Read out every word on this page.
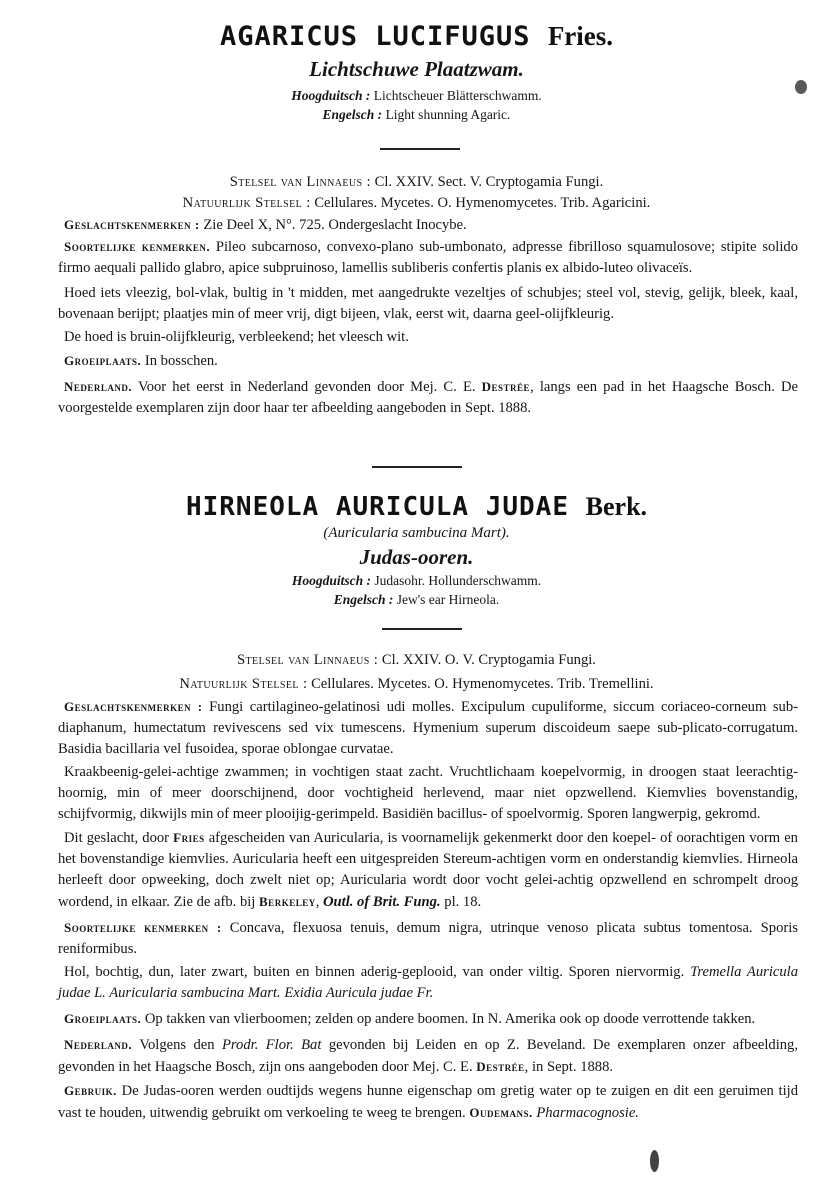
AGARICUS LUCIFUGUS Fries.
Lichtschuwe Plaatzwam.
Hoogduitsch : Lichtscheuer Blätterschwamm.
Engelsch : Light shunning Agaric.
Stelsel van Linnaeus : Cl. XXIV. Sect. V. Cryptogamia Fungi.
Natuurlijk Stelsel : Cellulares. Mycetes. O. Hymenomycetes. Trib. Agaricini.

Geslachtskenmerken : Zie Deel X, N°. 725. Ondergeslacht Inocybe.

Soortelijke kenmerken. Pileo subcarnoso, convexo-plano sub-umbonato, adpresse fibrilloso squamulosove; stipite solido firmo aequali pallido glabro, apice subpruinoso, lamellis subliberis confertis planis ex albido-luteo olivaceïs.

Hoed iets vleezig, bol-vlak, bultig in 't midden, met aangedrukte vezeltjes of schubjes; steel vol, stevig, gelijk, bleek, kaal, bovenaan berijpt; plaatjes min of meer vrij, digt bijeen, vlak, eerst wit, daarna geel-olijfkleurig.

De hoed is bruin-olijfkleurig, verbleekend; het vleesch wit.

Groeiplaats. In bosschen.

Nederland. Voor het eerst in Nederland gevonden door Mej. C. E. Destrée, langs een pad in het Haagsche Bosch. De voorgestelde exemplaren zijn door haar ter afbeelding aangeboden in Sept. 1888.

HIRNEOLA AURICULA JUDAE Berk.
(Auricularia sambucina Mart).
Judas-ooren.
Hoogduitsch : Judasohr. Hollunderschwamm.
Engelsch : Jew's ear Hirneola.
Stelsel van Linnaeus : Cl. XXIV. O. V. Cryptogamia Fungi.
Natuurlijk Stelsel : Cellulares. Mycetes. O. Hymenomycetes. Trib. Tremellini.

Geslachtskenmerken : Fungi cartilagineo-gelatinosi udi molles. Excipulum cupuliforme, siccum coriaceo-corneum sub-diaphanum, humectatum revivescens sed vix tumescens. Hymenium superum discoideum saepe sub-plicato-corrugatum. Basidia bacillaria vel fusoidea, sporae oblongae curvatae.

Kraakbeenig-gelei-achtige zwammen; in vochtigen staat zacht. Vruchtlichaam koepelvormig, in droogen staat leerachtig-hoornig, min of meer doorschijnend, door vochtigheid herlevend, maar niet opzwellend. Kiemvlies bovenstandig, schijfvormig, dikwijls min of meer plooijig-gerimpeld. Basidiën bacillus- of spoelvormig. Sporen langwerpig, gekromd.

Dit geslacht, door Fries afgescheiden van Auricularia, is voornamelijk gekenmerkt door den koepel- of oorachtigen vorm en het bovenstandige kiemvlies. Auricularia heeft een uitgespreiden Stereum-achtigen vorm en onderstandig kiemvlies. Hirneola herleeft door opweeking, doch zwelt niet op; Auricularia wordt door vocht gelei-achtig opzwellend en schrompelt droog wordend, in elkaar. Zie de afb. bij Berkeley, Outl. of Brit. Fung. pl. 18.

Soortelijke kenmerken : Concava, flexuosa tenuis, demum nigra, utrinque venoso plicata subtus tomentosa. Sporis reniformibus.

Hol, bochtig, dun, later zwart, buiten en binnen aderig-geplooid, van onder viltig. Sporen niervormig. Tremella Auricula judae L. Auricularia sambucina Mart. Exidia Auricula judae Fr.

Groeiplaats. Op takken van vlierboomen; zelden op andere boomen. In N. Amerika ook op doode verrottende takken.

Nederland. Volgens den Prodr. Flor. Bat gevonden bij Leiden en op Z. Beveland. De exemplaren onzer afbeelding, gevonden in het Haagsche Bosch, zijn ons aangeboden door Mej. C. E. Destrée, in Sept. 1888.

Gebruik. De Judas-ooren werden oudtijds wegens hunne eigenschap om gretig water op te zuigen en dit een geruimen tijd vast te houden, uitwendig gebruikt om verkoeling te weeg te brengen. Oudemans. Pharmacognosie.
